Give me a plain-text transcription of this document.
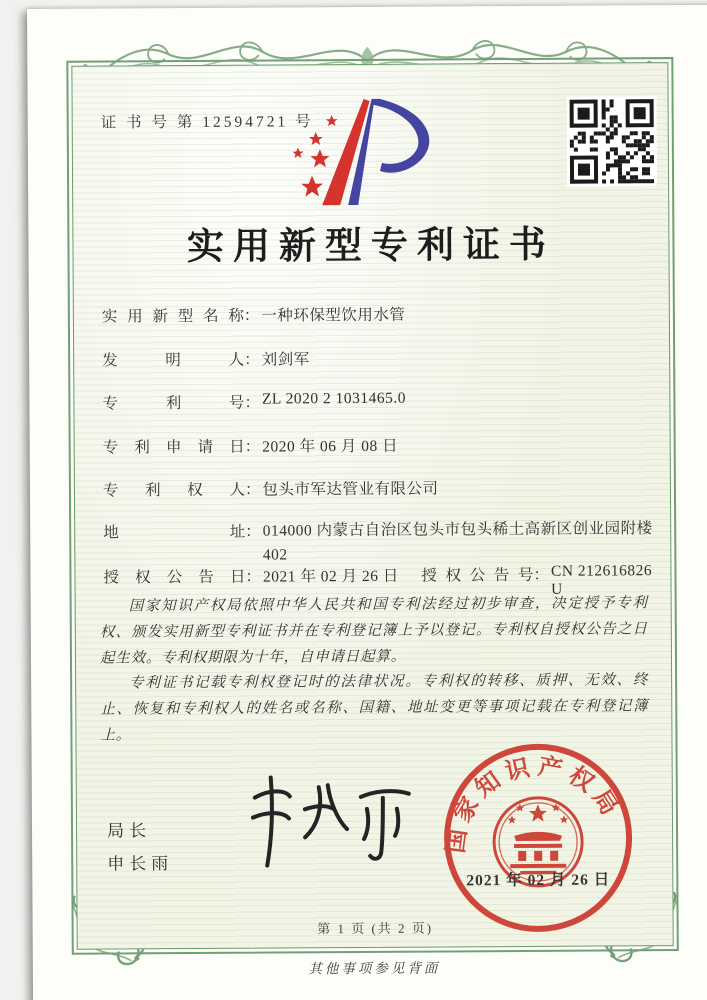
证 书 号 第 12594721 号
实用新型专利证书
实用新型名称 ： 一种环保型饮用水管
发明人 ： 刘剑军
专利号 ： ZL 2020 2 1031465.0
专利申请日 ： 2020 年 06 月 08 日
专利权人 ： 包头市军达管业有限公司
地址 ： 014000 内蒙古自治区包头市包头稀土高新区创业园附楼402
授权公告日 ： 2021 年 02 月 26 日 授权公告号 ： CN 212616826 U

国家知识产权局依照中华人民共和国专利法经过初步审查，决定授予专利权、颁发实用新型专利证书并在专利登记簿上予以登记。专利权自授权公告之日起生效。专利权期限为十年，自申请日起算。

专利证书记载专利权登记时的法律状况。专利权的转移、质押、无效、终止、恢复和专利权人的姓名或名称、国籍、地址变更等事项记载在专利登记簿上。

局长
申长雨
国家知识产权局
2021 年 02 月 26 日
第 1 页 (共 2 页)
其他事项参见背面
